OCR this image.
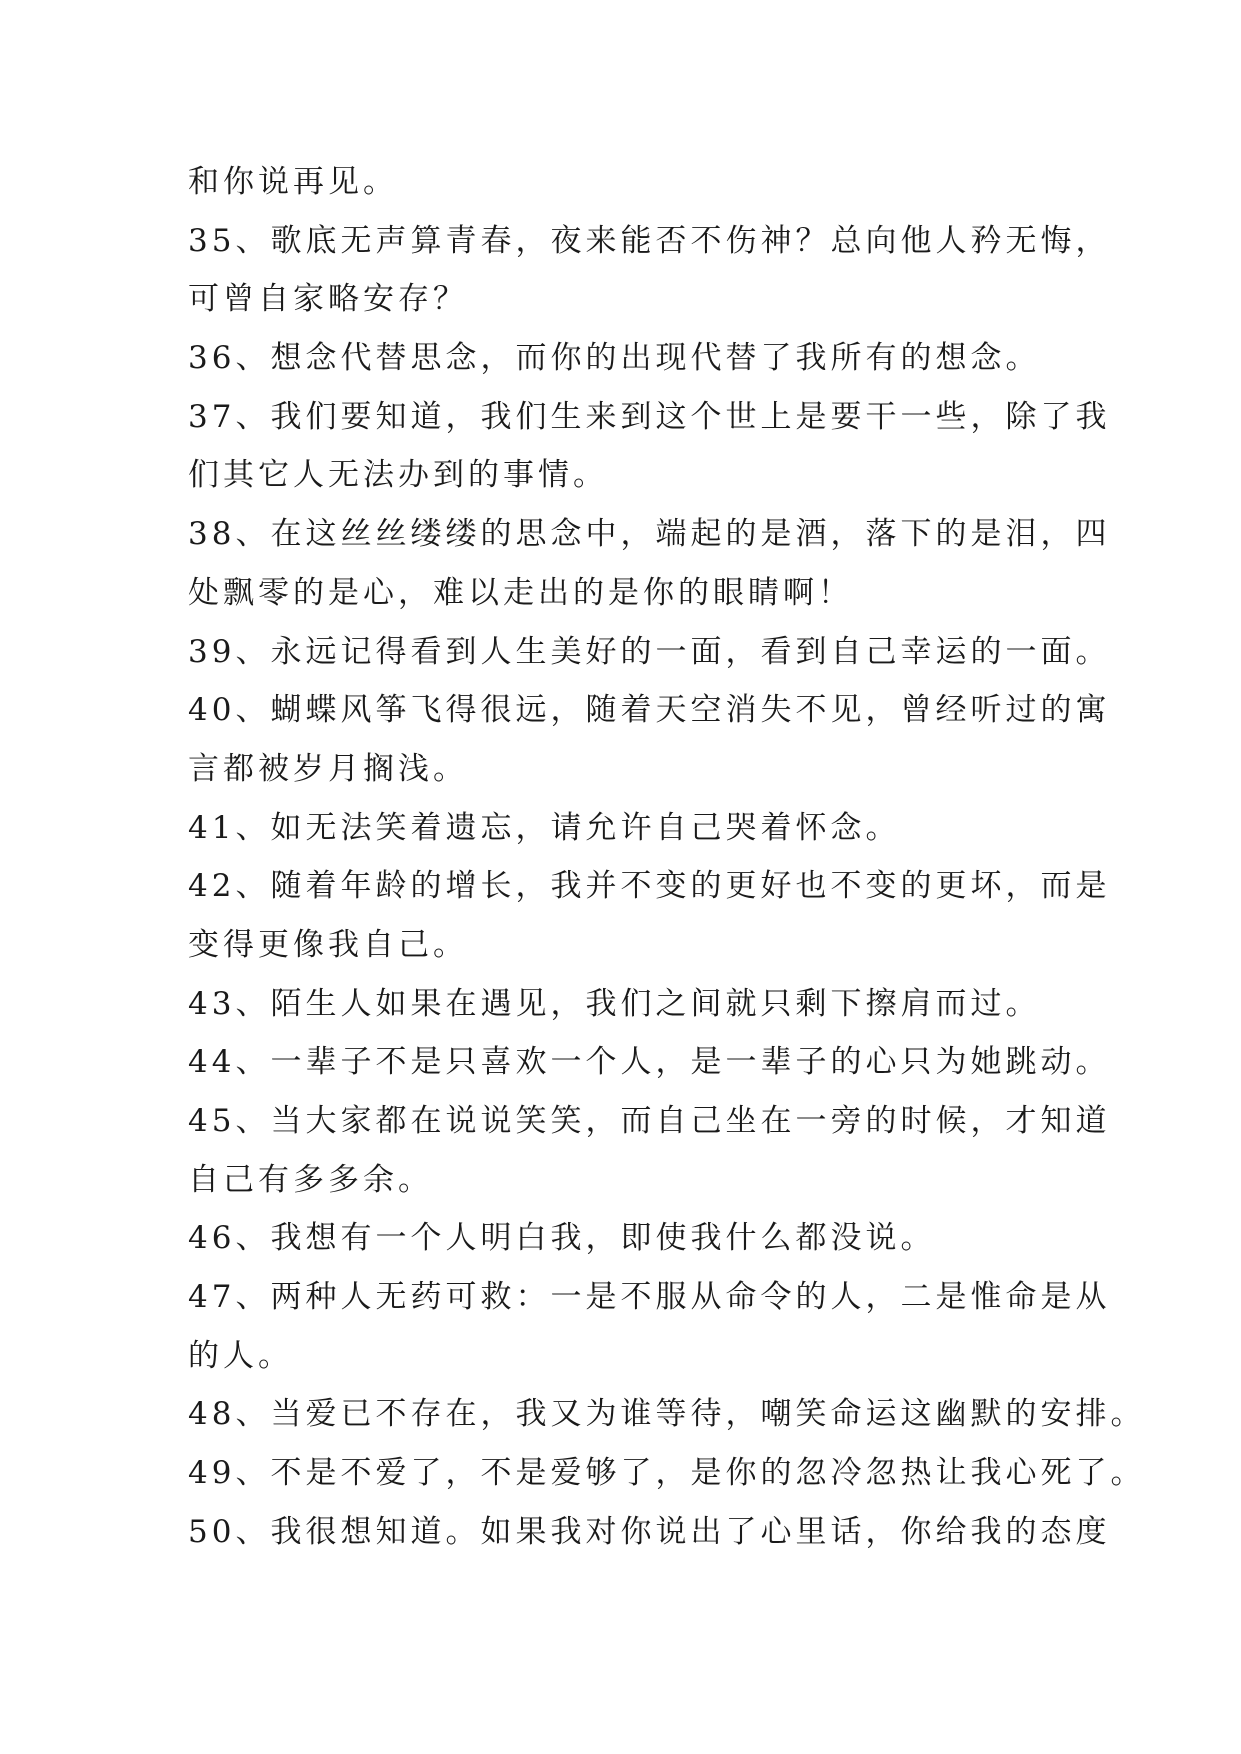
和你说再见。
35、歌底无声算青春，夜来能否不伤神？总向他人矜无悔，
可曾自家略安存？
36、想念代替思念，而你的出现代替了我所有的想念。
37、我们要知道，我们生来到这个世上是要干一些，除了我
们其它人无法办到的事情。
38、在这丝丝缕缕的思念中，端起的是酒，落下的是泪，四
处飘零的是心，难以走出的是你的眼睛啊！
39、永远记得看到人生美好的一面，看到自己幸运的一面。
40、蝴蝶风筝飞得很远，随着天空消失不见，曾经听过的寓
言都被岁月搁浅。
41、如无法笑着遗忘，请允许自己哭着怀念。
42、随着年龄的增长，我并不变的更好也不变的更坏，而是
变得更像我自己。
43、陌生人如果在遇见，我们之间就只剩下擦肩而过。
44、一辈子不是只喜欢一个人，是一辈子的心只为她跳动。
45、当大家都在说说笑笑，而自己坐在一旁的时候，才知道
自己有多多余。
46、我想有一个人明白我，即使我什么都没说。
47、两种人无药可救：一是不服从命令的人，二是惟命是从
的人。
48、当爱已不存在，我又为谁等待，嘲笑命运这幽默的安排。
49、不是不爱了，不是爱够了，是你的忽冷忽热让我心死了。
50、我很想知道。如果我对你说出了心里话，你给我的态度
